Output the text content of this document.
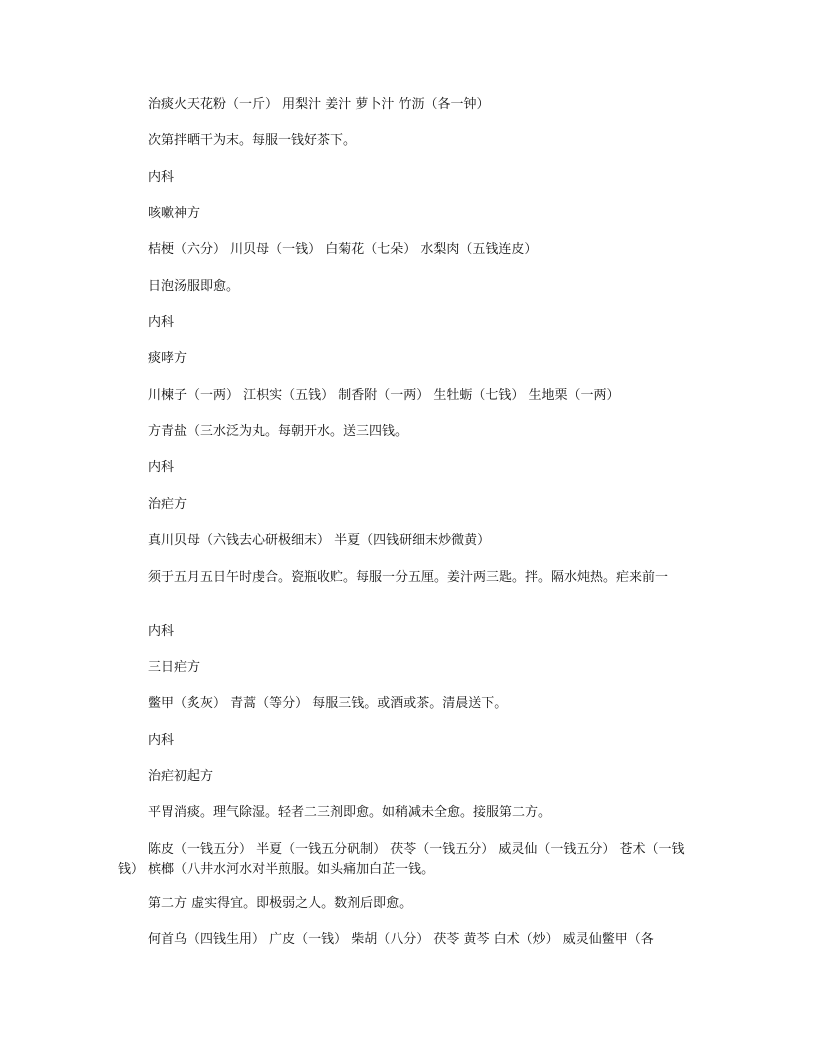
治痰火天花粉（一斤） 用梨汁 姜汁 萝卜汁 竹沥（各一钟）

次第拌晒干为末。每服一钱好茶下。

内科

咳嗽神方

桔梗（六分） 川贝母（一钱） 白菊花（七朵） 水梨肉（五钱连皮）

日泡汤服即愈。

内科

痰哮方

川楝子（一两） 江枳实（五钱） 制香附（一两） 生牡蛎（七钱） 生地栗（一两）

方青盐（三水泛为丸。每朝开水。送三四钱。

内科

治疟方

真川贝母（六钱去心研极细末） 半夏（四钱研细末炒微黄）

须于五月五日午时虔合。瓷瓶收贮。每服一分五厘。姜汁两三匙。拌。隔水炖热。疟来前一

内科

三日疟方

鳖甲（炙灰） 青蒿（等分） 每服三钱。或酒或茶。清晨送下。

内科

治疟初起方

平胃消痰。理气除湿。轻者二三剂即愈。如稍减未全愈。接服第二方。

陈皮（一钱五分） 半夏（一钱五分矾制） 茯苓（一钱五分） 威灵仙（一钱五分） 苍术（一钱钱） 槟榔（八井水河水对半煎服。如头痛加白芷一钱。

第二方 虚实得宜。即极弱之人。数剂后即愈。

何首乌（四钱生用） 广皮（一钱） 柴胡（八分） 茯苓 黄芩 白术（炒） 威灵仙鳖甲（各
